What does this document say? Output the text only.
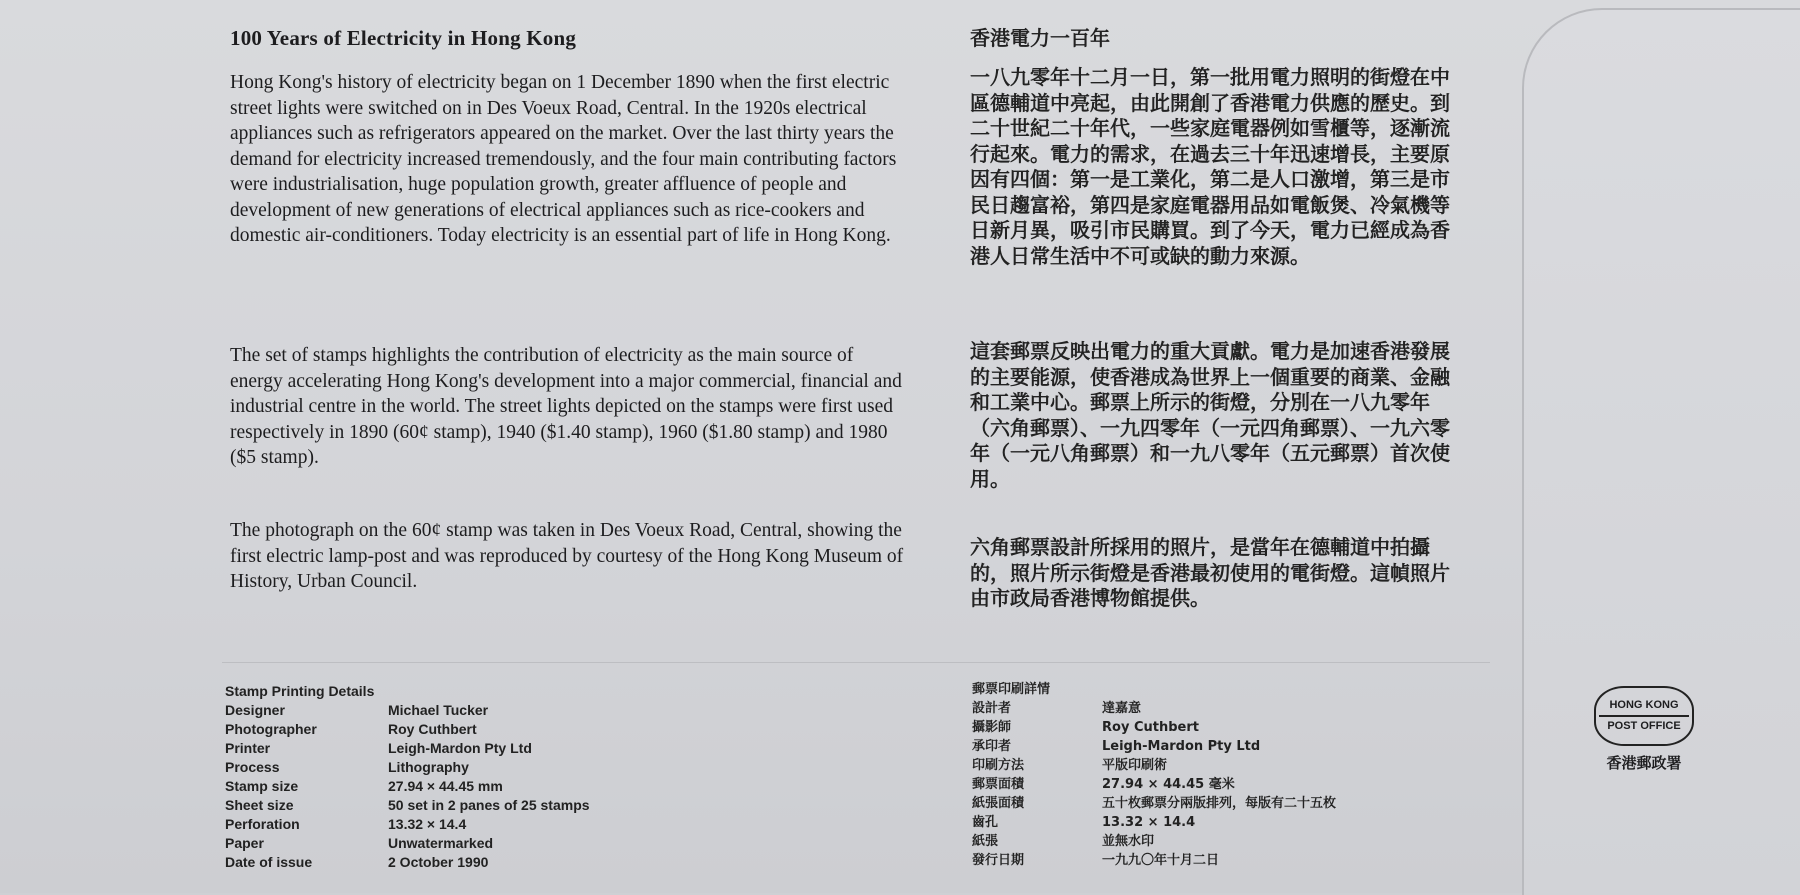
100 Years of Electricity in Hong Kong

Hong Kong's history of electricity began on 1 December 1890 when the first electric street lights were switched on in Des Voeux Road, Central. In the 1920s electrical appliances such as refrigerators appeared on the market. Over the last thirty years the demand for electricity increased tremendously, and the four main contributing factors were industrialisation, huge population growth, greater affluence of people and development of new generations of electrical appliances such as rice-cookers and domestic air-conditioners. Today electricity is an essential part of life in Hong Kong.

The set of stamps highlights the contribution of electricity as the main source of energy accelerating Hong Kong's development into a major commercial, financial and industrial centre in the world. The street lights depicted on the stamps were first used respectively in 1890 (60¢ stamp), 1940 ($1.40 stamp), 1960 ($1.80 stamp) and 1980 ($5 stamp).

The photograph on the 60¢ stamp was taken in Des Voeux Road, Central, showing the first electric lamp-post and was reproduced by courtesy of the Hong Kong Museum of History, Urban Council.

香港電力一百年
一八九零年十二月一日，第一批用電力照明的街燈在中區德輔道中亮起，由此開創了香港電力供應的歷史。到二十世紀二十年代，一些家庭電器例如雪櫃等，逐漸流行起來。電力的需求，在過去三十年迅速增長，主要原因有四個：第一是工業化，第二是人口激增，第三是市民日趨富裕，第四是家庭電器用品如電飯煲、冷氣機等日新月異，吸引市民購買。到了今天，電力已經成為香港人日常生活中不可或缺的動力來源。
這套郵票反映出電力的重大貢獻。電力是加速香港發展的主要能源，使香港成為世界上一個重要的商業、金融和工業中心。郵票上所示的街燈，分別在一八九零年（六角郵票）、一九四零年（一元四角郵票）、一九六零年（一元八角郵票）和一九八零年（五元郵票）首次使用。
六角郵票設計所採用的照片，是當年在德輔道中拍攝的，照片所示街燈是香港最初使用的電街燈。這幀照片由市政局香港博物館提供。
Stamp Printing Details
Designer	Michael Tucker
Photographer	Roy Cuthbert
Printer	Leigh-Mardon Pty Ltd
Process	Lithography
Stamp size	27.94 × 44.45 mm
Sheet size	50 set in 2 panes of 25 stamps
Perforation	13.32 × 14.4
Paper	Unwatermarked
Date of issue	2 October 1990
郵票印刷詳情
設計者	達嘉意
攝影師	Roy Cuthbert
承印者	Leigh-Mardon Pty Ltd
印刷方法	平版印刷術
郵票面積	27.94 × 44.45 毫米
紙張面積	五十枚郵票分兩版排列，每版有二十五枚
齒孔	13.32 × 14.4
紙張	並無水印
發行日期	一九九〇年十月二日
HONG KONG
POST OFFICE
香港郵政署
